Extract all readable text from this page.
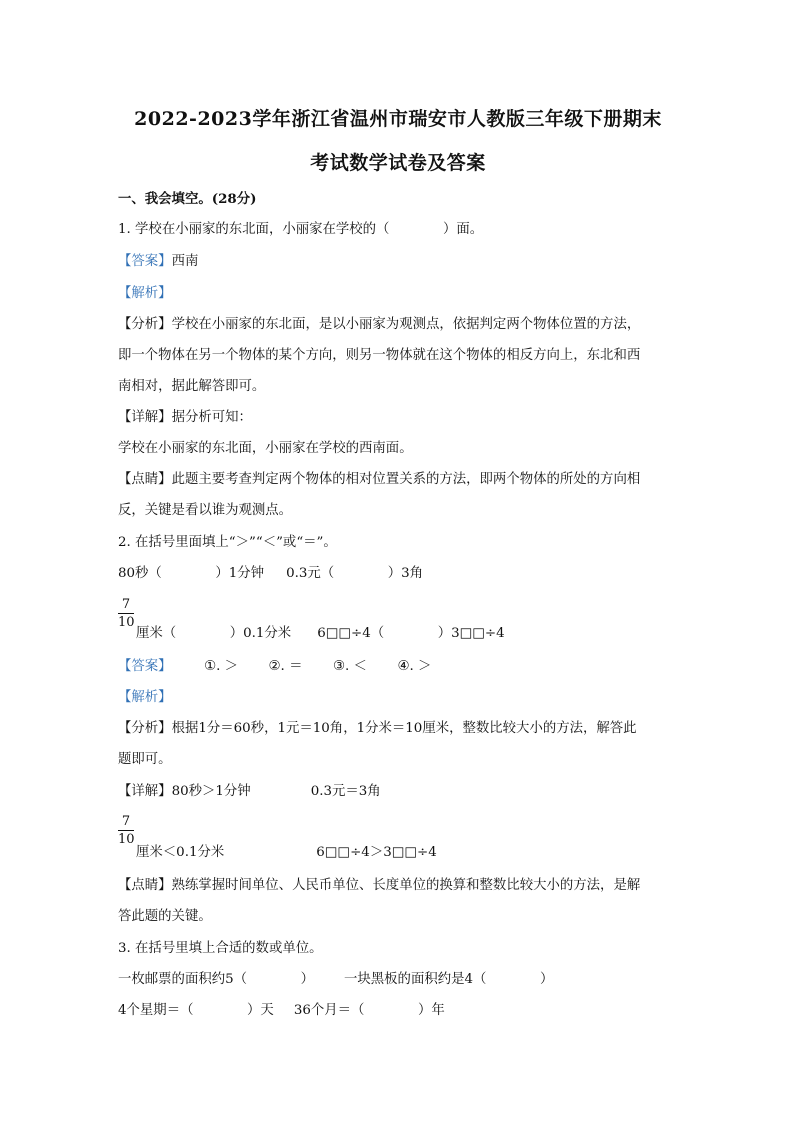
2022-2023学年浙江省温州市瑞安市人教版三年级下册期末
考试数学试卷及答案
一、我会填空。(28分)
1. 学校在小丽家的东北面，小丽家在学校的（　　　　）面。
【答案】西南
【解析】
【分析】学校在小丽家的东北面，是以小丽家为观测点，依据判定两个物体位置的方法，
即一个物体在另一个物体的某个方向，则另一物体就在这个物体的相反方向上，东北和西
南相对，据此解答即可。
【详解】据分析可知：
学校在小丽家的东北面，小丽家在学校的西南面。
【点睛】此题主要考查判定两个物体的相对位置关系的方法，即两个物体的所处的方向相
反，关键是看以谁为观测点。
2. 在括号里面填上“＞”“＜”或“＝”。
80秒（　　　　）1分钟 0.3元（　　　　）3角
7
10
厘米（　　　　）0.1分米 6□□÷4（　　　　）3□□÷4
【答案】 ①. ＞ ②. ＝ ③. ＜ ④. ＞
【解析】
【分析】根据1分＝60秒，1元＝10角，1分米＝10厘米，整数比较大小的方法，解答此
题即可。
【详解】80秒＞1分钟	0.3元＝3角
7
10
厘米＜0.1分米	6□□÷4＞3□□÷4
【点睛】熟练掌握时间单位、人民币单位、长度单位的换算和整数比较大小的方法，是解
答此题的关键。
3. 在括号里填上合适的数或单位。
一枚邮票的面积约5（　　　　） 一块黑板的面积约是4（　　　　）
4个星期＝（　　　　）天 36个月＝（　　　　）年
